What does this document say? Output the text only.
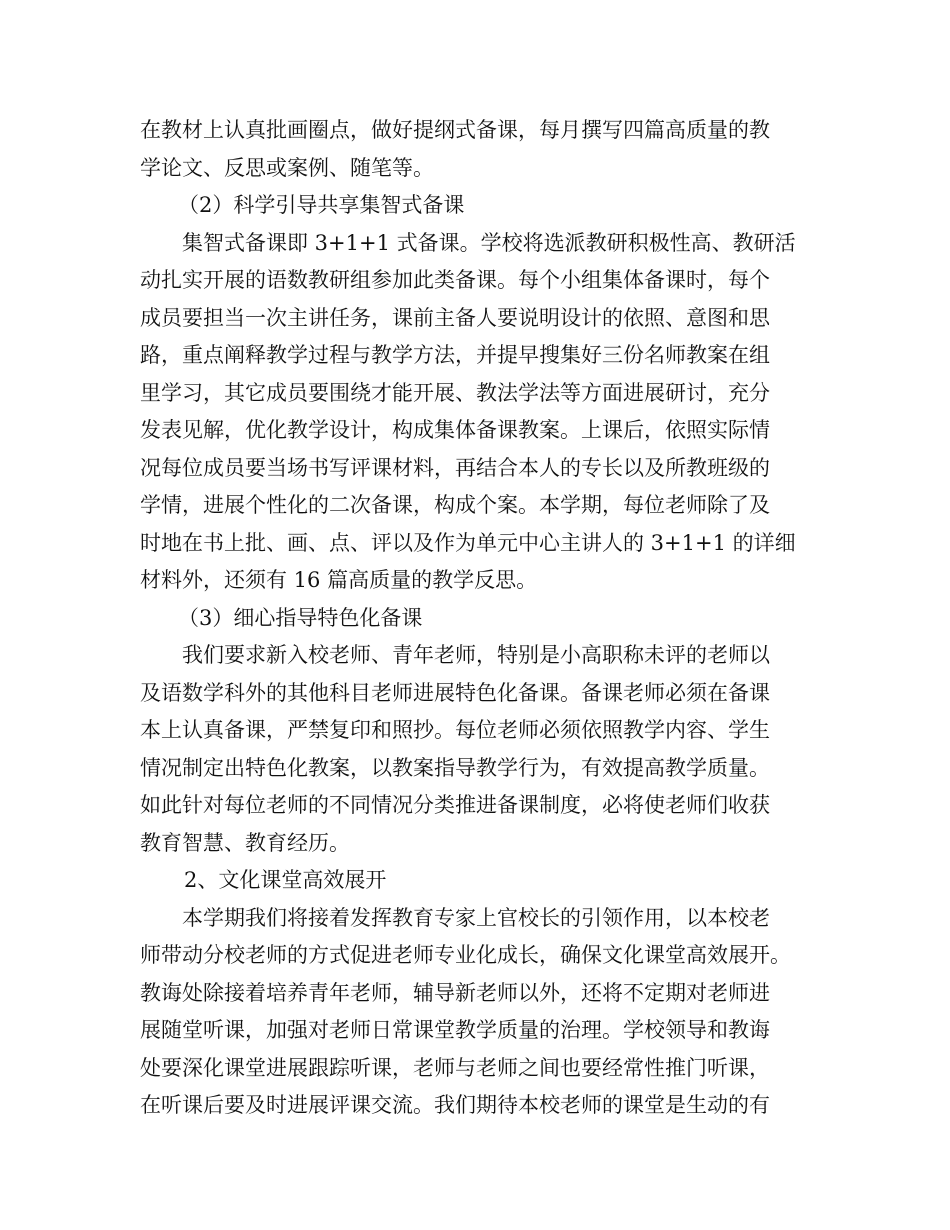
在教材上认真批画圈点，做好提纲式备课，每月撰写四篇高质量的教
学论文、反思或案例、随笔等。
（2）科学引导共享集智式备课
集智式备课即 3+1+1 式备课。学校将选派教研积极性高、教研活
动扎实开展的语数教研组参加此类备课。每个小组集体备课时，每个
成员要担当一次主讲任务，课前主备人要说明设计的依照、意图和思
路，重点阐释教学过程与教学方法，并提早搜集好三份名师教案在组
里学习，其它成员要围绕才能开展、教法学法等方面进展研讨，充分
发表见解，优化教学设计，构成集体备课教案。上课后，依照实际情
况每位成员要当场书写评课材料，再结合本人的专长以及所教班级的
学情，进展个性化的二次备课，构成个案。本学期，每位老师除了及
时地在书上批、画、点、评以及作为单元中心主讲人的 3+1+1 的详细
材料外，还须有 16 篇高质量的教学反思。
（3）细心指导特色化备课
我们要求新入校老师、青年老师，特别是小高职称未评的老师以
及语数学科外的其他科目老师进展特色化备课。备课老师必须在备课
本上认真备课，严禁复印和照抄。每位老师必须依照教学内容、学生
情况制定出特色化教案，以教案指导教学行为，有效提高教学质量。
如此针对每位老师的不同情况分类推进备课制度，必将使老师们收获
教育智慧、教育经历。
2、文化课堂高效展开
本学期我们将接着发挥教育专家上官校长的引领作用，以本校老
师带动分校老师的方式促进老师专业化成长，确保文化课堂高效展开。
教诲处除接着培养青年老师，辅导新老师以外，还将不定期对老师进
展随堂听课，加强对老师日常课堂教学质量的治理。学校领导和教诲
处要深化课堂进展跟踪听课，老师与老师之间也要经常性推门听课，
在听课后要及时进展评课交流。我们期待本校老师的课堂是生动的有
